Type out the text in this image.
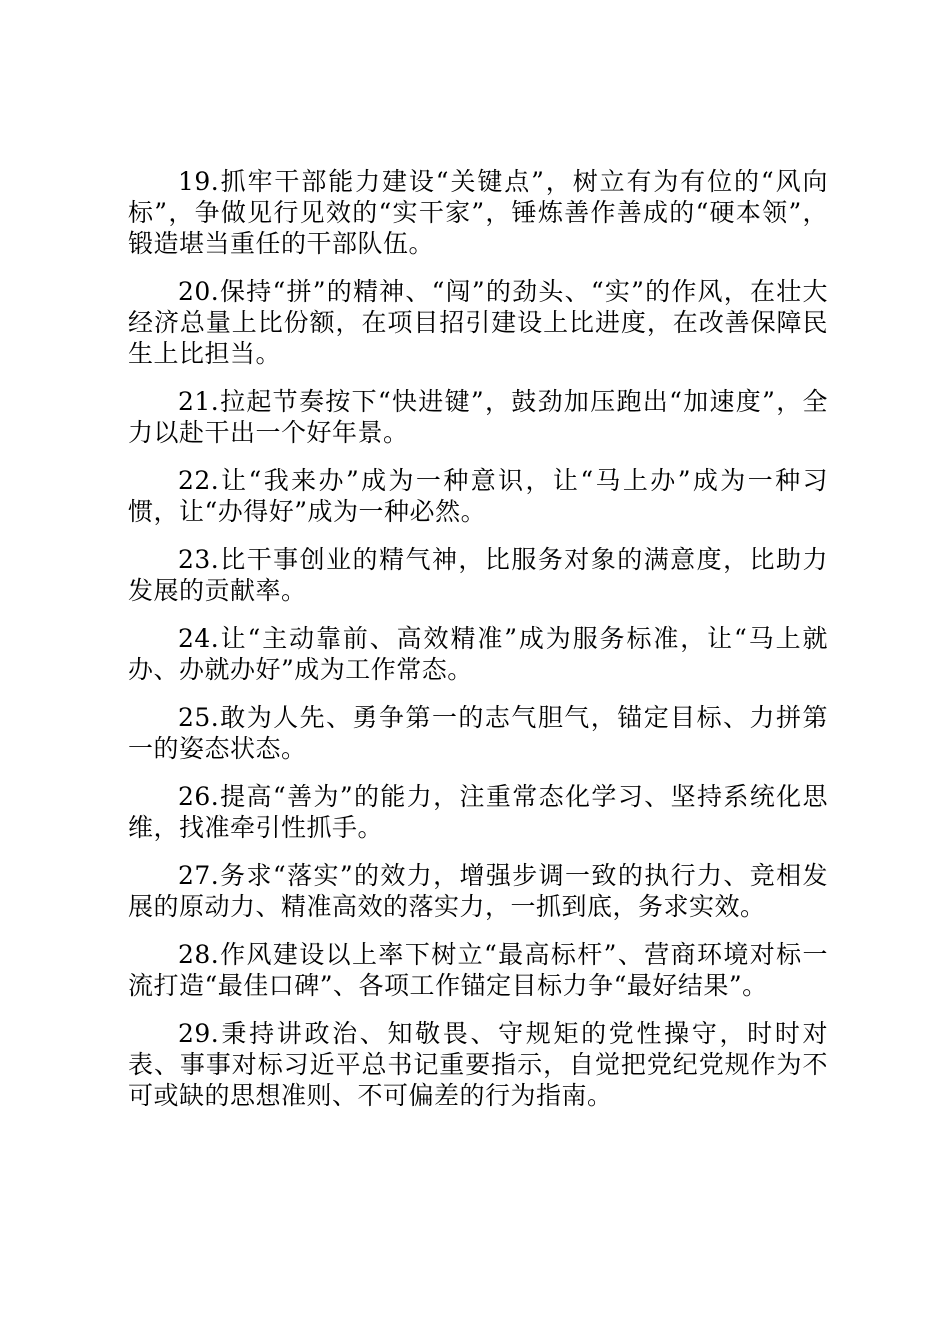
19.抓牢干部能力建设“关键点”，树立有为有位的“风向标”，争做见行见效的“实干家”，锤炼善作善成的“硬本领”，锻造堪当重任的干部队伍。

20.保持“拼”的精神、“闯”的劲头、“实”的作风，在壮大经济总量上比份额，在项目招引建设上比进度，在改善保障民生上比担当。

21.拉起节奏按下“快进键”，鼓劲加压跑出“加速度”，全力以赴干出一个好年景。

22.让“我来办”成为一种意识，让“马上办”成为一种习惯，让“办得好”成为一种必然。

23.比干事创业的精气神，比服务对象的满意度，比助力发展的贡献率。

24.让“主动靠前、高效精准”成为服务标准，让“马上就办、办就办好”成为工作常态。

25.敢为人先、勇争第一的志气胆气，锚定目标、力拼第一的姿态状态。

26.提高“善为”的能力，注重常态化学习、坚持系统化思维，找准牵引性抓手。

27.务求“落实”的效力，增强步调一致的执行力、竞相发展的原动力、精准高效的落实力，一抓到底，务求实效。

28.作风建设以上率下树立“最高标杆”、营商环境对标一流打造“最佳口碑”、各项工作锚定目标力争“最好结果”。

29.秉持讲政治、知敬畏、守规矩的党性操守，时时对表、事事对标习近平总书记重要指示，自觉把党纪党规作为不可或缺的思想准则、不可偏差的行为指南。
